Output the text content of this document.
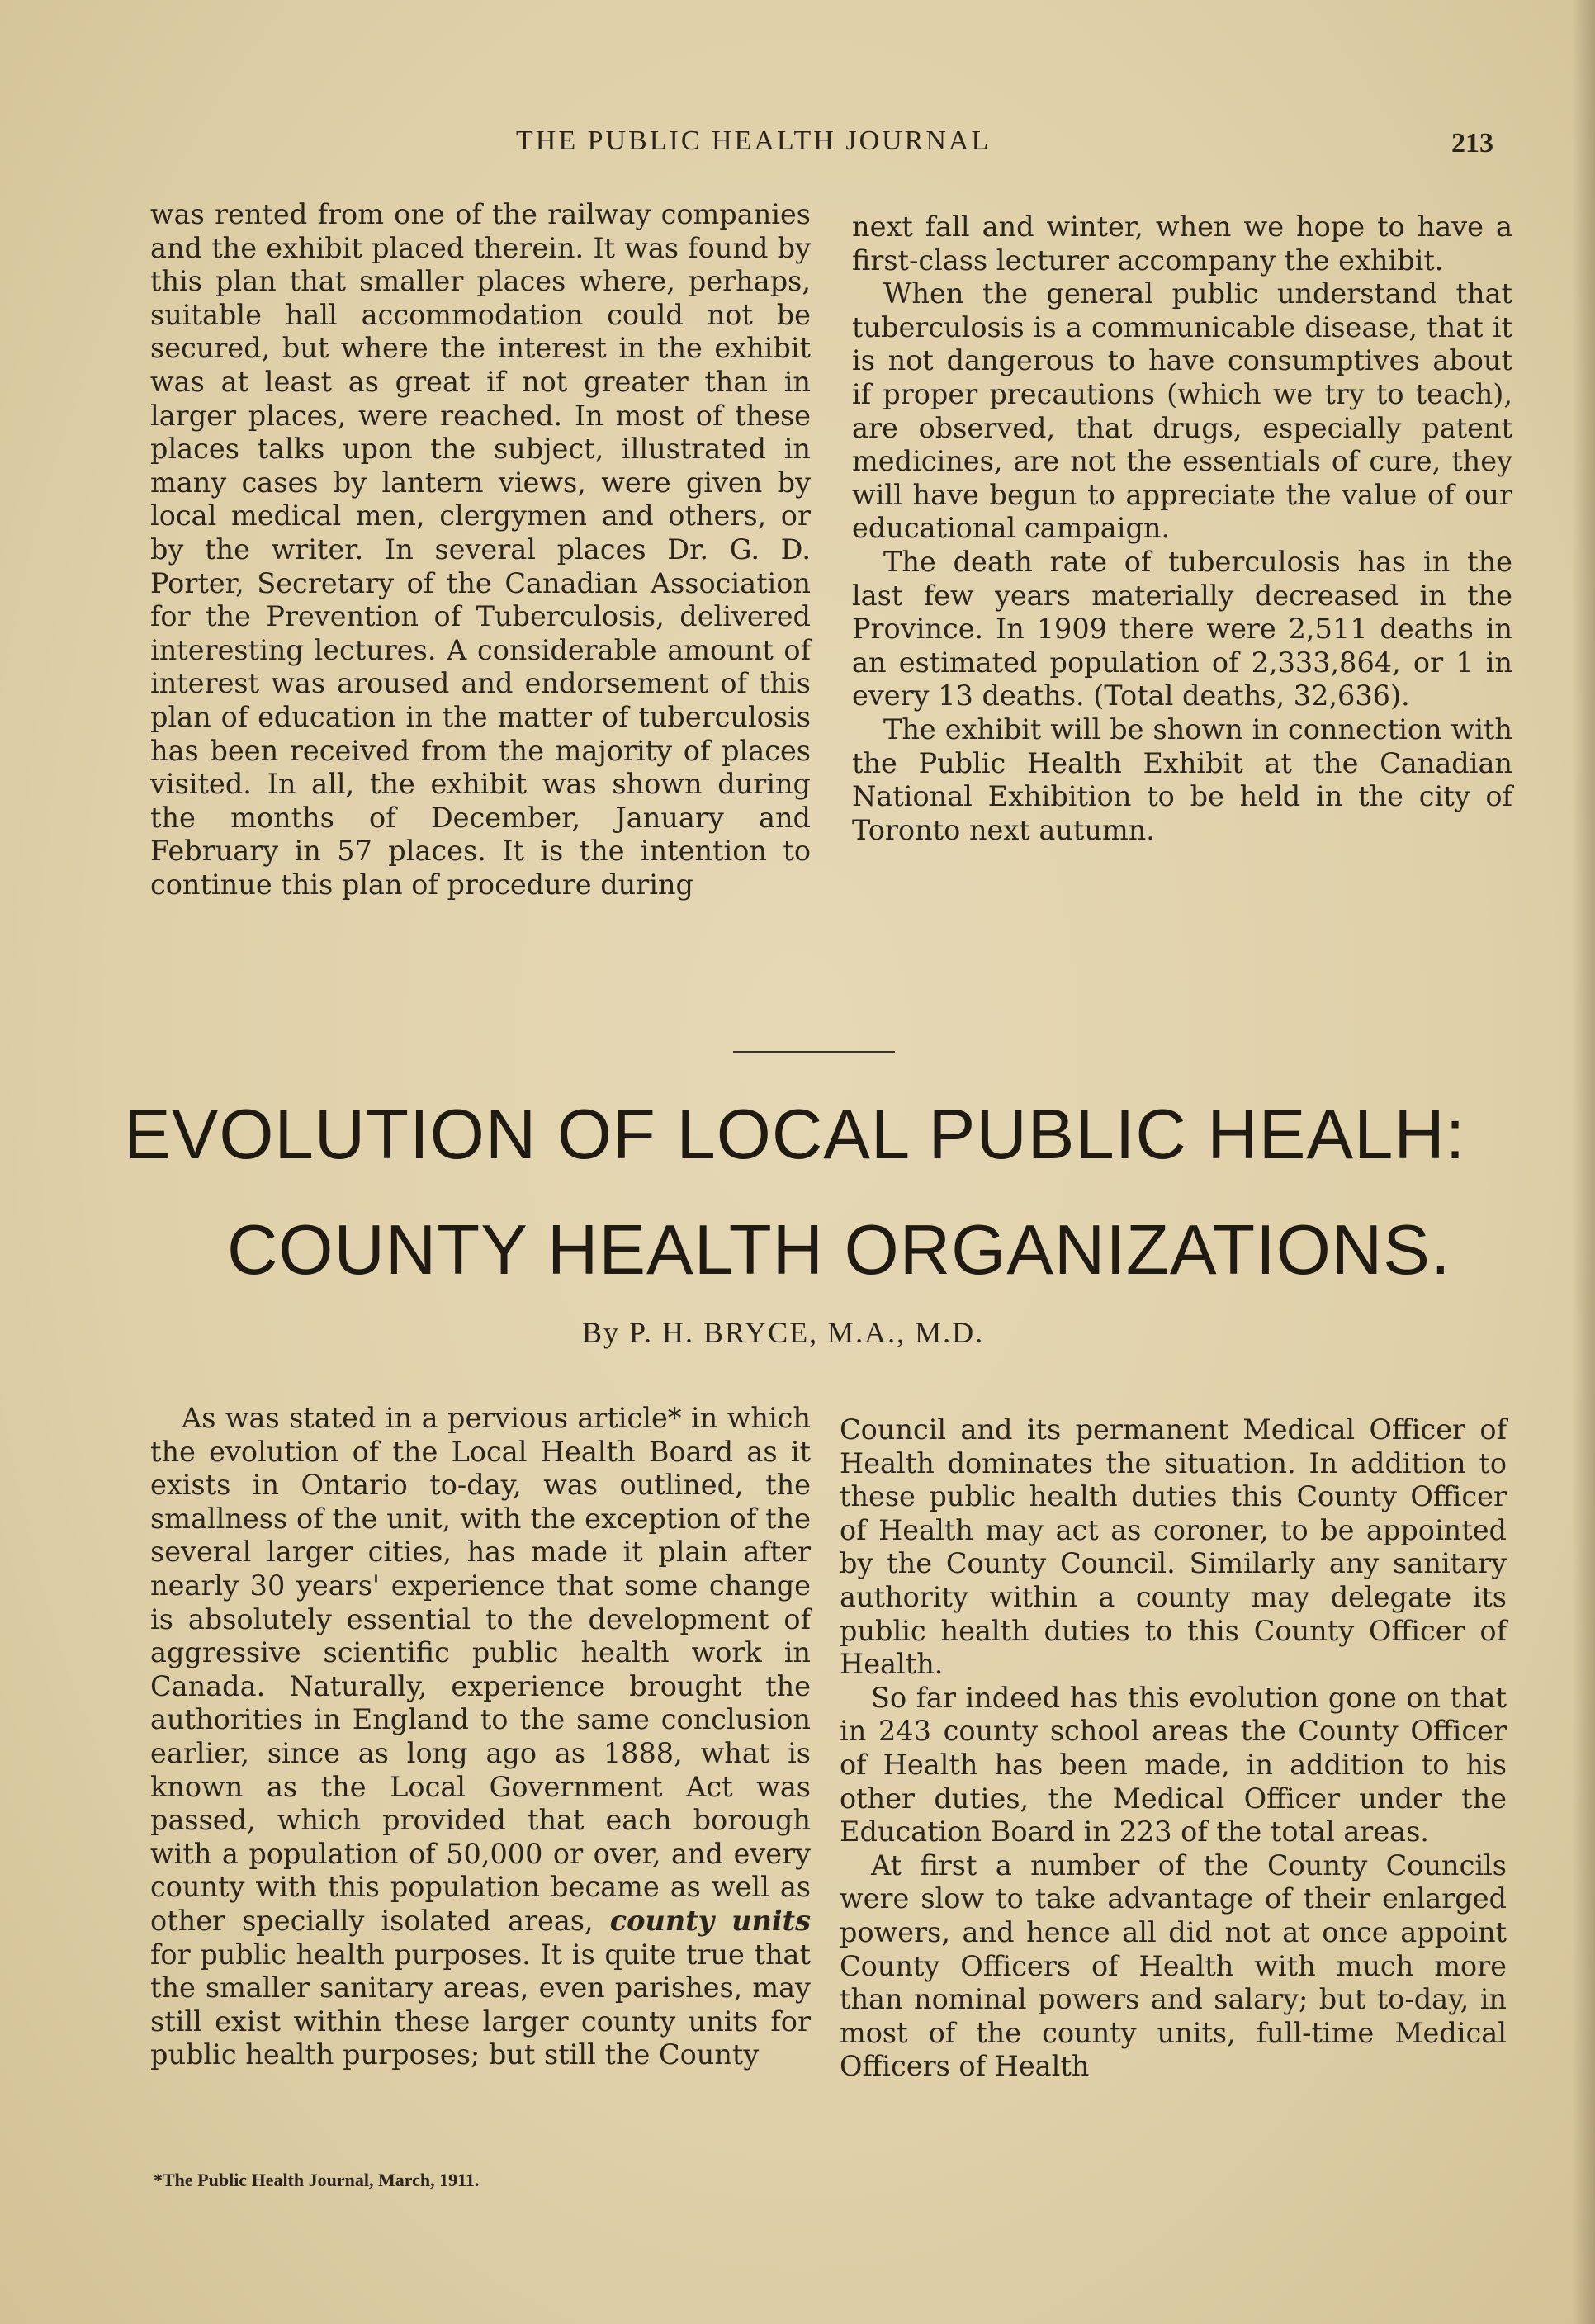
THE PUBLIC HEALTH JOURNAL	213

was rented from one of the railway companies and the exhibit placed therein. It was found by this plan that smaller places where, perhaps, suitable hall accommodation could not be secured, but where the interest in the exhibit was at least as great if not greater than in larger places, were reached. In most of these places talks upon the subject, illustrated in many cases by lantern views, were given by local medical men, clergymen and others, or by the writer. In several places Dr. G. D. Porter, Secretary of the Canadian Association for the Prevention of Tuberculosis, delivered interesting lectures. A considerable amount of interest was aroused and endorsement of this plan of education in the matter of tuberculosis has been received from the majority of places visited. In all, the exhibit was shown during the months of December, January and February in 57 places. It is the intention to continue this plan of procedure during

next fall and winter, when we hope to have a first-class lecturer accompany the exhibit.

When the general public understand that tuberculosis is a communicable disease, that it is not dangerous to have consumptives about if proper precautions (which we try to teach), are observed, that drugs, especially patent medicines, are not the essentials of cure, they will have begun to appreciate the value of our educational campaign.

The death rate of tuberculosis has in the last few years materially decreased in the Province. In 1909 there were 2,511 deaths in an estimated population of 2,333,864, or 1 in every 13 deaths. (Total deaths, 32,636).

The exhibit will be shown in connection with the Public Health Exhibit at the Canadian National Exhibition to be held in the city of Toronto next autumn.

EVOLUTION OF LOCAL PUBLIC HEALH:
COUNTY HEALTH ORGANIZATIONS.
By P. H. BRYCE, M.A., M.D.

As was stated in a pervious article* in which the evolution of the Local Health Board as it exists in Ontario to-day, was outlined, the smallness of the unit, with the exception of the several larger cities, has made it plain after nearly 30 years' experience that some change is absolutely essential to the development of aggressive scientific public health work in Canada. Naturally, experience brought the authorities in England to the same conclusion earlier, since as long ago as 1888, what is known as the Local Government Act was passed, which provided that each borough with a population of 50,000 or over, and every county with this population became as well as other specially isolated areas, county units for public health purposes. It is quite true that the smaller sanitary areas, even parishes, may still exist within these larger county units for public health purposes; but still the County

Council and its permanent Medical Officer of Health dominates the situation. In addition to these public health duties this County Officer of Health may act as coroner, to be appointed by the County Council. Similarly any sanitary authority within a county may delegate its public health duties to this County Officer of Health.

So far indeed has this evolution gone on that in 243 county school areas the County Officer of Health has been made, in addition to his other duties, the Medical Officer under the Education Board in 223 of the total areas.

At first a number of the County Councils were slow to take advantage of their enlarged powers, and hence all did not at once appoint County Officers of Health with much more than nominal powers and salary; but to-day, in most of the county units, full-time Medical Officers of Health

*The Public Health Journal, March, 1911.
